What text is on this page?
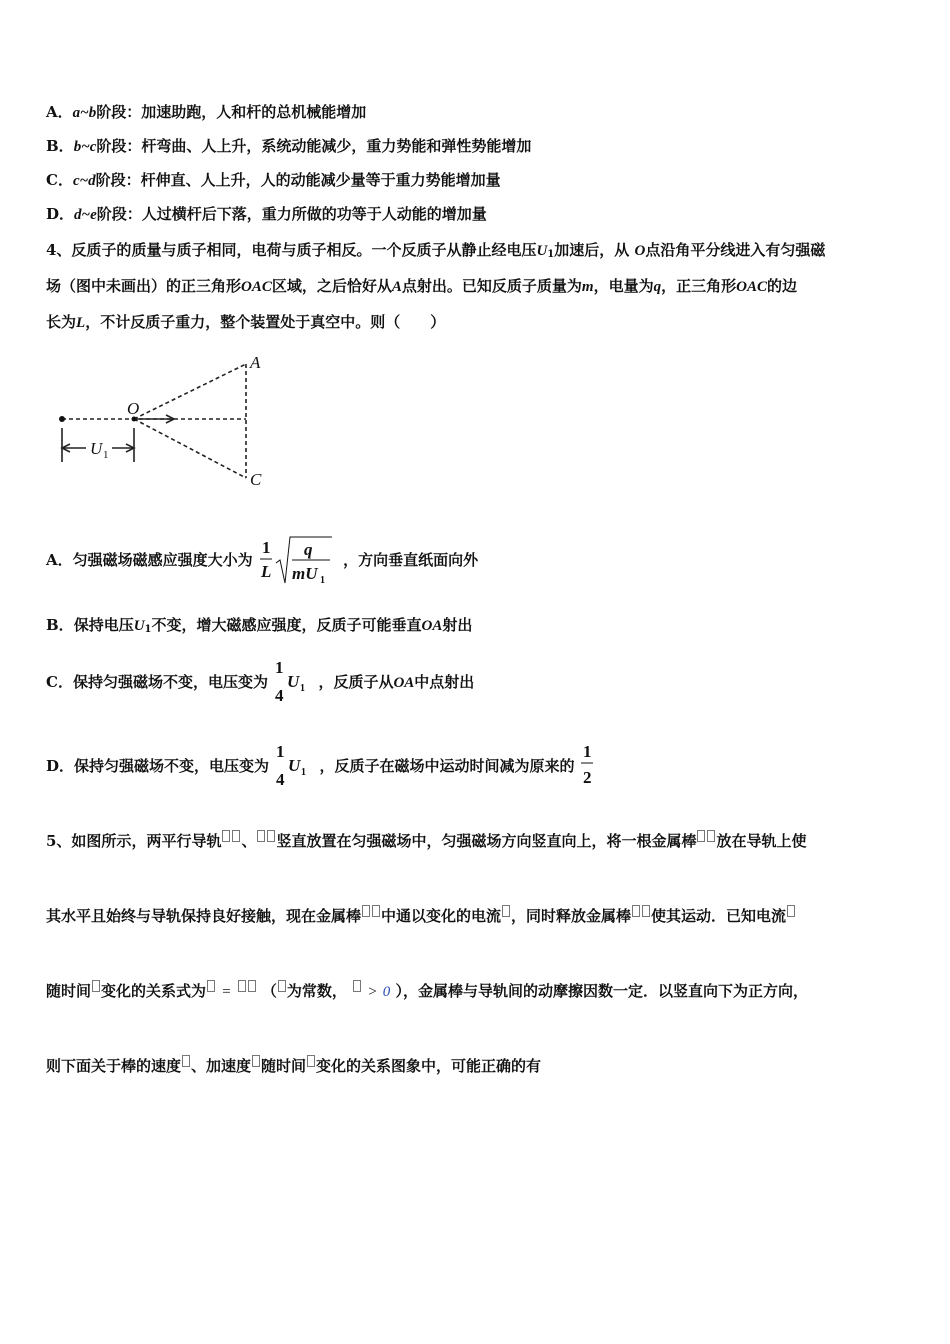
A．a~b阶段：加速助跑，人和杆的总机械能增加
B．b~c阶段：杆弯曲、人上升，系统动能减少，重力势能和弹性势能增加
C．c~d阶段：杆伸直、人上升，人的动能减少量等于重力势能增加量
D．d~e阶段：人过横杆后下落，重力所做的功等于人动能的增加量
4、反质子的质量与质子相同，电荷与质子相反。一个反质子从静止经电压$U_1$加速后，从 O点沿角平分线进入有匀强磁
场（图中未画出）的正三角形OAC区域，之后恰好从A点射出。已知反质子质量为m，电量为q，正三角形OAC的边
长为L，不计反质子重力，整个装置处于真空中。则（　　）
A
O
C
U 1
A．匀强磁场磁感应强度大小为
1
L
q
mU 1
，方向垂直纸面向外
B．保持电压$U_1$不变，增大磁感应强度，反质子可能垂直OA射出
C．保持匀强磁场不变，电压变为
1
4
U 1 ，反质子从OA中点射出
D．保持匀强磁场不变，电压变为
1
4
U 1 ，反质子在磁场中运动时间减为原来的
1
2
5、如图所示，两平行导轨 、 竖直放置在匀强磁场中，匀强磁场方向竖直向上，将一根金属棒 放在导轨上使
其水平且始终与导轨保持良好接触，现在金属棒 中通以变化的电流 ，同时释放金属棒 使其运动．已知电流
随时间 变化的关系式为 = （ 为常数， > 0 ），金属棒与导轨间的动摩擦因数一定．以竖直向下为正方向，
则下面关于棒的速度 、加速度 随时间 变化的关系图象中，可能正确的有
